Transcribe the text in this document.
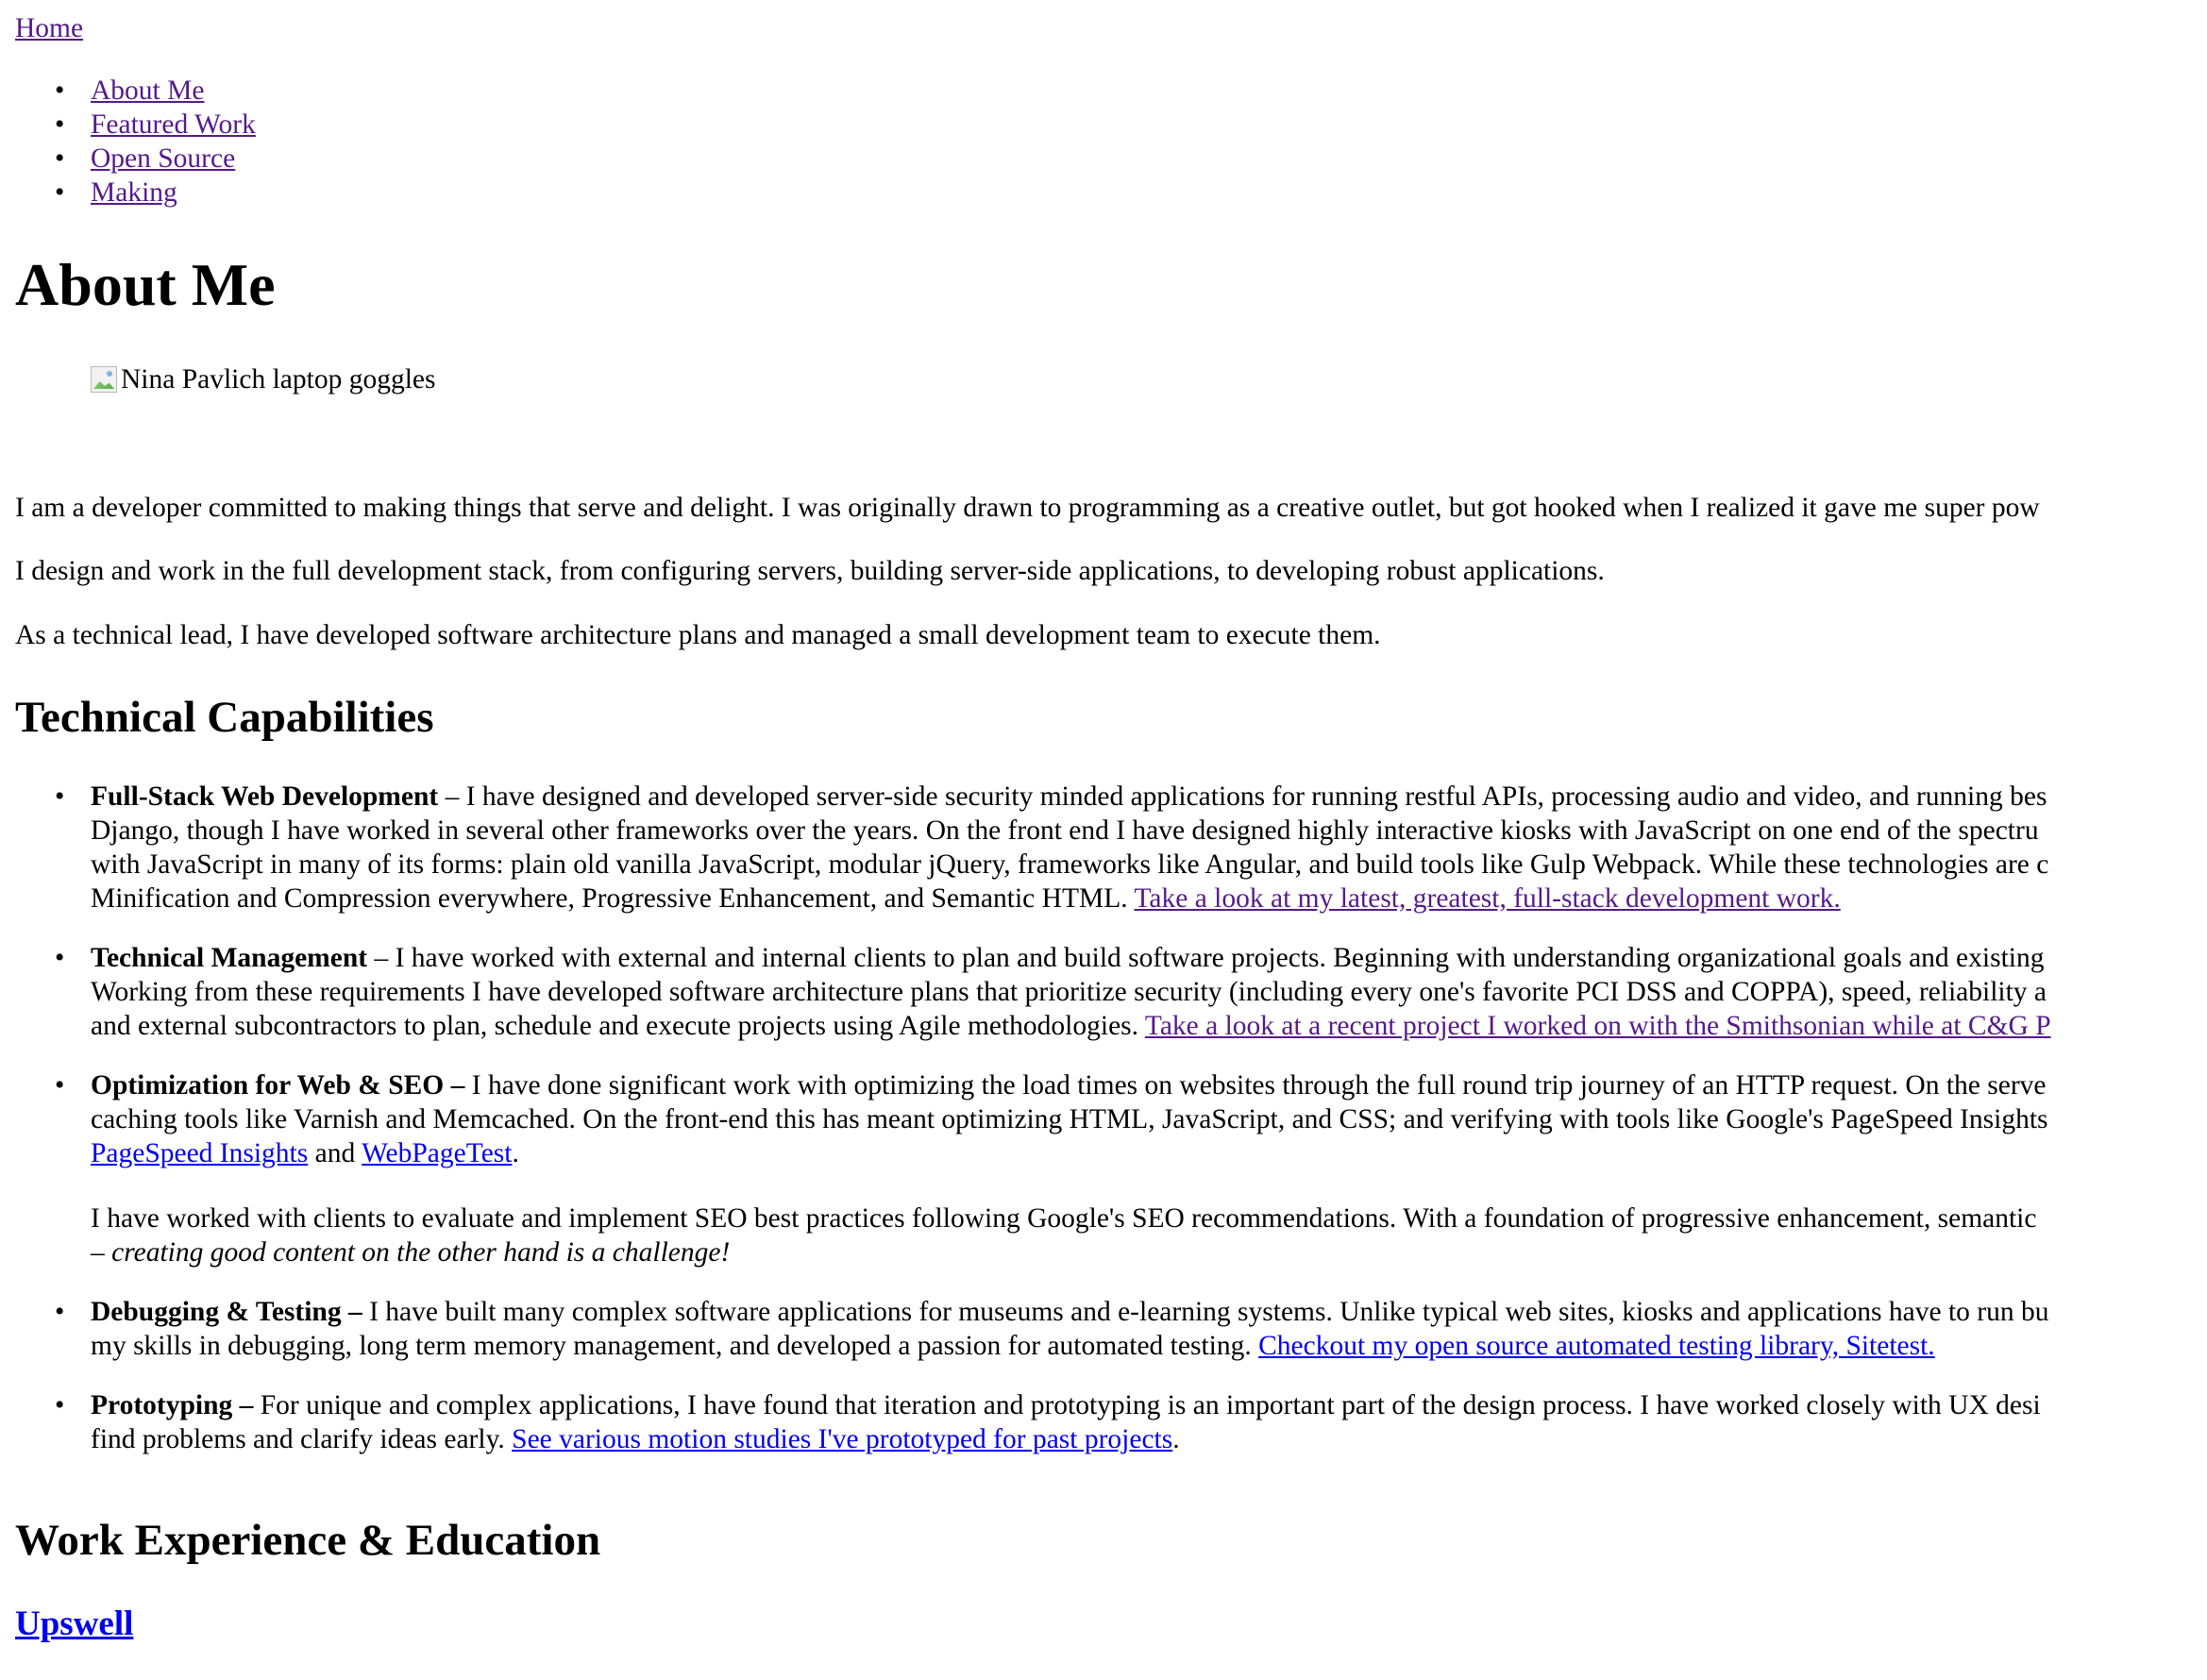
Home
• About Me
• Featured Work
• Open Source
• Making
About Me
Nina Pavlich laptop goggles

I am a developer committed to making things that serve and delight. I was originally drawn to programming as a creative outlet, but got hooked when I realized it gave me super pow

I design and work in the full development stack, from configuring servers, building server-side applications, to developing robust applications.

As a technical lead, I have developed software architecture plans and managed a small development team to execute them.

Technical Capabilities
• Full-Stack Web Development – I have designed and developed server-side security minded applications for running restful APIs, processing audio and video, and running bes
Django, though I have worked in several other frameworks over the years. On the front end I have designed highly interactive kiosks with JavaScript on one end of the spectru
with JavaScript in many of its forms: plain old vanilla JavaScript, modular jQuery, frameworks like Angular, and build tools like Gulp Webpack. While these technologies are c
Minification and Compression everywhere, Progressive Enhancement, and Semantic HTML. Take a look at my latest, greatest, full-stack development work.
• Technical Management – I have worked with external and internal clients to plan and build software projects. Beginning with understanding organizational goals and existing
Working from these requirements I have developed software architecture plans that prioritize security (including every one's favorite PCI DSS and COPPA), speed, reliability a
and external subcontractors to plan, schedule and execute projects using Agile methodologies. Take a look at a recent project I worked on with the Smithsonian while at C&G P
• Optimization for Web & SEO – I have done significant work with optimizing the load times on websites through the full round trip journey of an HTTP request. On the serve
caching tools like Varnish and Memcached. On the front-end this has meant optimizing HTML, JavaScript, and CSS; and verifying with tools like Google's PageSpeed Insights
PageSpeed Insights and WebPageTest.
I have worked with clients to evaluate and implement SEO best practices following Google's SEO recommendations. With a foundation of progressive enhancement, semantic
– creating good content on the other hand is a challenge!
• Debugging & Testing – I have built many complex software applications for museums and e-learning systems. Unlike typical web sites, kiosks and applications have to run bu
my skills in debugging, long term memory management, and developed a passion for automated testing. Checkout my open source automated testing library, Sitetest.
• Prototyping – For unique and complex applications, I have found that iteration and prototyping is an important part of the design process. I have worked closely with UX desi
find problems and clarify ideas early. See various motion studies I've prototyped for past projects.
Work Experience & Education
Upswell
